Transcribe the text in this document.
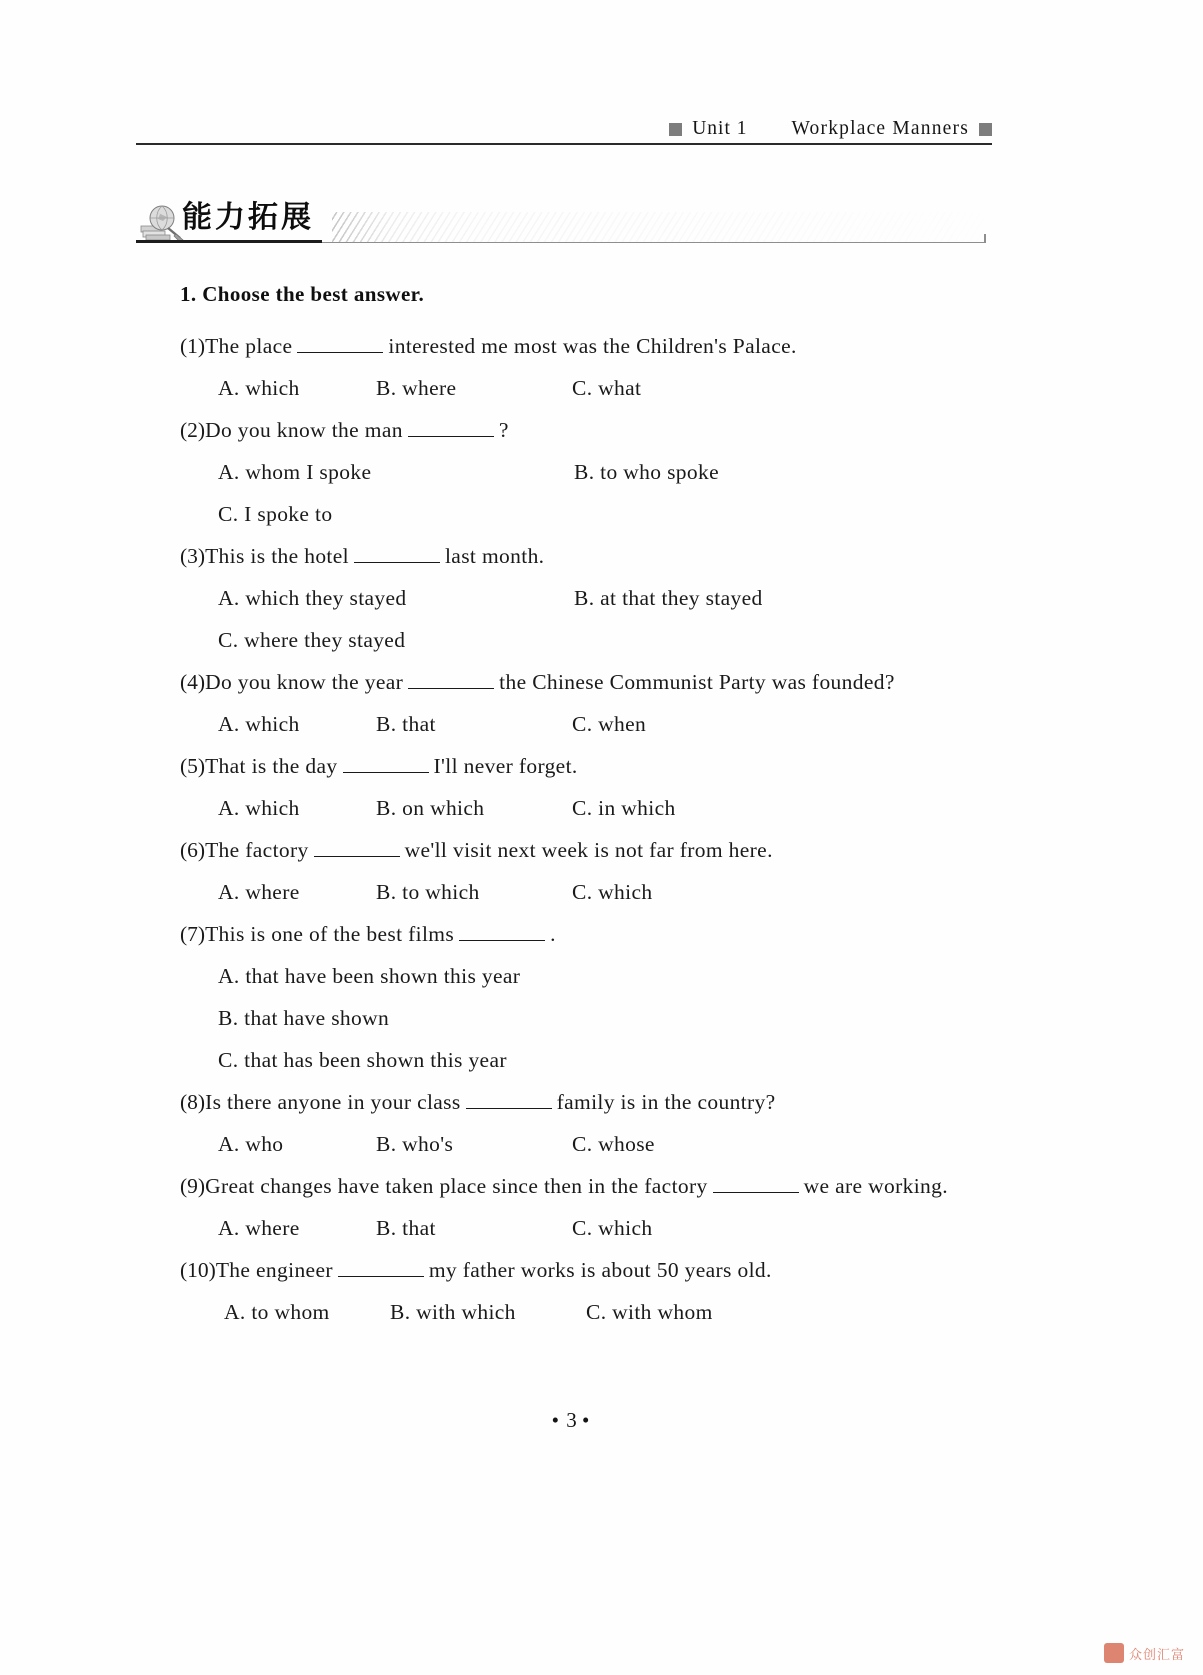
Unit 1 Workplace Manners
能力拓展
1. Choose the best answer.
(1) The place	interested me most was the Children's Palace.
A. which	B. where	C. what
(2) Do you know the man	?
A. whom I spoke	B. to who spoke
C. I spoke to
(3) This is the hotel	last month.
A. which they stayed	B. at that they stayed
C. where they stayed
(4) Do you know the year	the Chinese Communist Party was founded?
A. which	B. that	C. when
(5) That is the day	I'll never forget.
A. which	B. on which	C. in which
(6) The factory	we'll visit next week is not far from here.
A. where	B. to which	C. which
(7) This is one of the best films	.
A. that have been shown this year
B. that have shown
C. that has been shown this year
(8) Is there anyone in your class	family is in the country?
A. who	B. who's	C. whose
(9) Great changes have taken place since then in the factory	we are working.
A. where	B. that	C. which
(10) The engineer	my father works is about 50 years old.
A. to whom	B. with which	C. with whom
• 3 •
众创汇富
